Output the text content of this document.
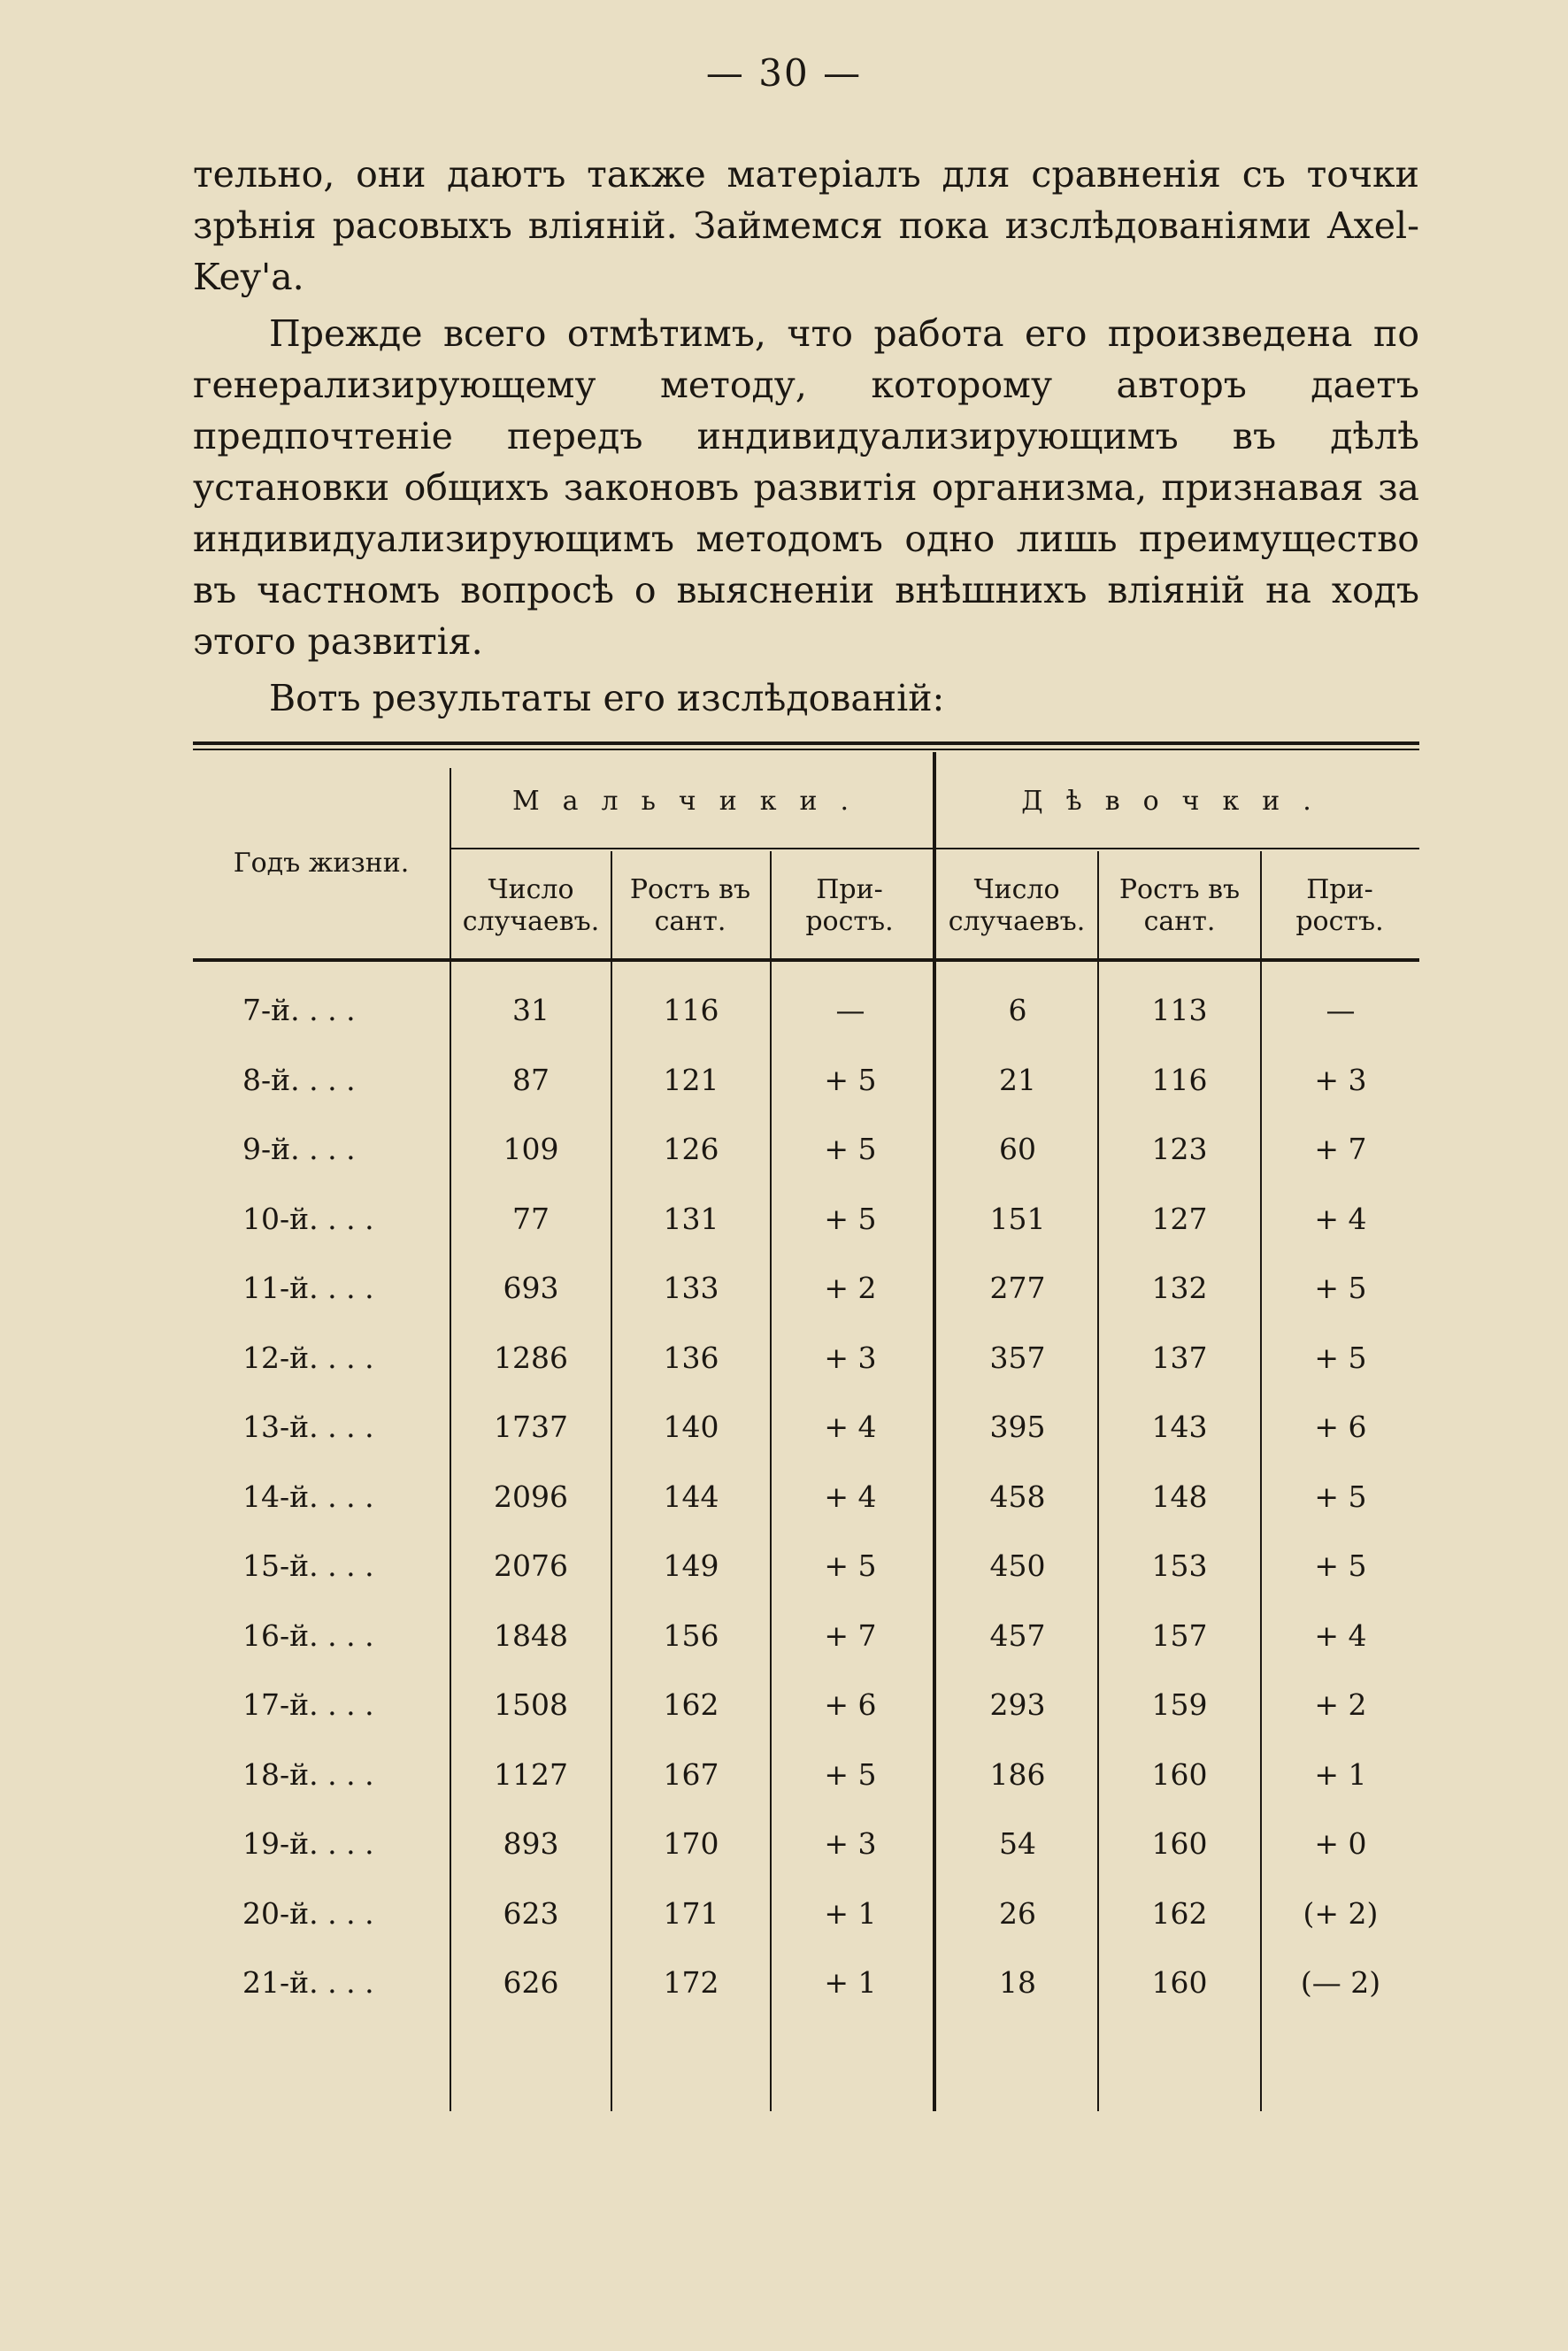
— 30 —

тельно, они даютъ также матеріалъ для сравненія съ точки зрѣнія расовыхъ вліяній. Займемся пока изслѣдованіями Axel-Key'а.

Прежде всего отмѣтимъ, что работа его произведена по генерализирующему методу, которому авторъ даетъ предпочтеніе передъ индивидуализирующимъ въ дѣлѣ установки общихъ законовъ развитія организма, признавая за индивидуализирующимъ методомъ одно лишь преимущество въ частномъ вопросѣ о выясненіи внѣшнихъ вліяній на ходъ этого развитія.

Вотъ результаты его изслѣдованій:

Годъ жизни.
Мальчики.	Дѣвочки.
Число случаевъ.
Ростъ въ сант.
При-ростъ.
Число случаевъ.
Ростъ въ сант.
При-ростъ.
7-й. . . .	31	116	—	6	113	—
8-й. . . .	87	121	+ 5	21	116	+ 3
9-й. . . .	109	126	+ 5	60	123	+ 7
10-й. . . .	77	131	+ 5	151	127	+ 4
11-й. . . .	693	133	+ 2	277	132	+ 5
12-й. . . .	1286	136	+ 3	357	137	+ 5
13-й. . . .	1737	140	+ 4	395	143	+ 6
14-й. . . .	2096	144	+ 4	458	148	+ 5
15-й. . . .	2076	149	+ 5	450	153	+ 5
16-й. . . .	1848	156	+ 7	457	157	+ 4
17-й. . . .	1508	162	+ 6	293	159	+ 2
18-й. . . .	1127	167	+ 5	186	160	+ 1
19-й. . . .	893	170	+ 3	54	160	+ 0
20-й. . . .	623	171	+ 1	26	162	(+ 2)
21-й. . . .	626	172	+ 1	18	160	(— 2)
